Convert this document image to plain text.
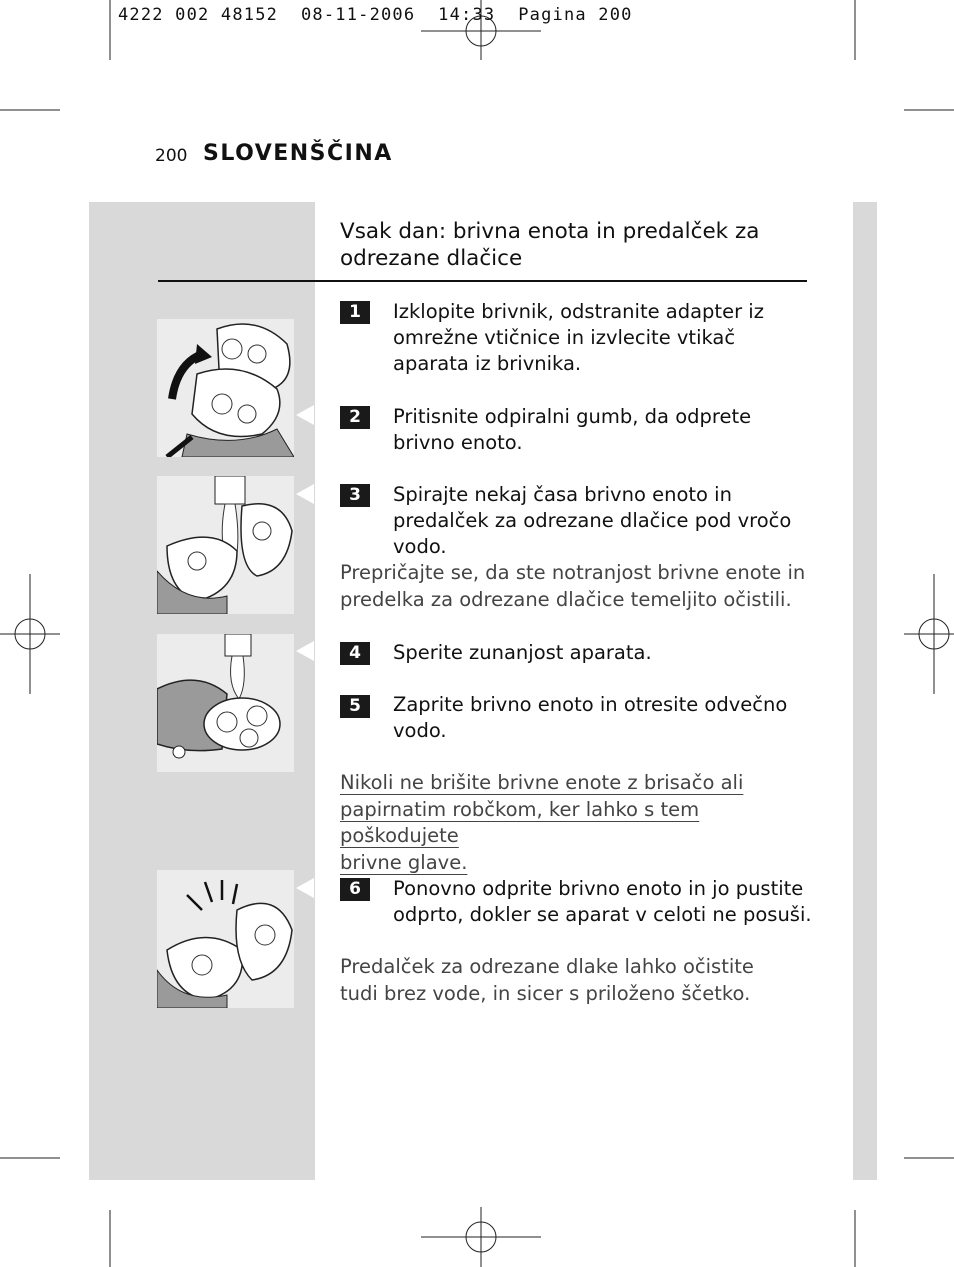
4222 002 48152  08-11-2006  14:33  Pagina 200
200 SLOVENŠČINA
Vsak dan: brivna enota in predalček za odrezane dlačice
1	Izklopite brivnik, odstranite adapter iz omrežne vtičnice in izvlecite vtikač aparata iz brivnika.
2	Pritisnite odpiralni gumb, da odprete brivno enoto.
3	Spirajte nekaj časa brivno enoto in predalček za odrezane dlačice pod vročo vodo.
Prepričajte se, da ste notranjost brivne enote in predelka za odrezane dlačice temeljito očistili.
4	Sperite zunanjost aparata.
5	Zaprite brivno enoto in otresite odvečno vodo.
Nikoli ne brišite brivne enote z brisačo ali
papirnatim robčkom, ker lahko s tem poškodujete
brivne glave.
6	Ponovno odprite brivno enoto in jo pustite odprto, dokler se aparat v celoti ne posuši.
Predalček za odrezane dlake lahko očistite tudi brez vode, in sicer s priloženo ščetko.
